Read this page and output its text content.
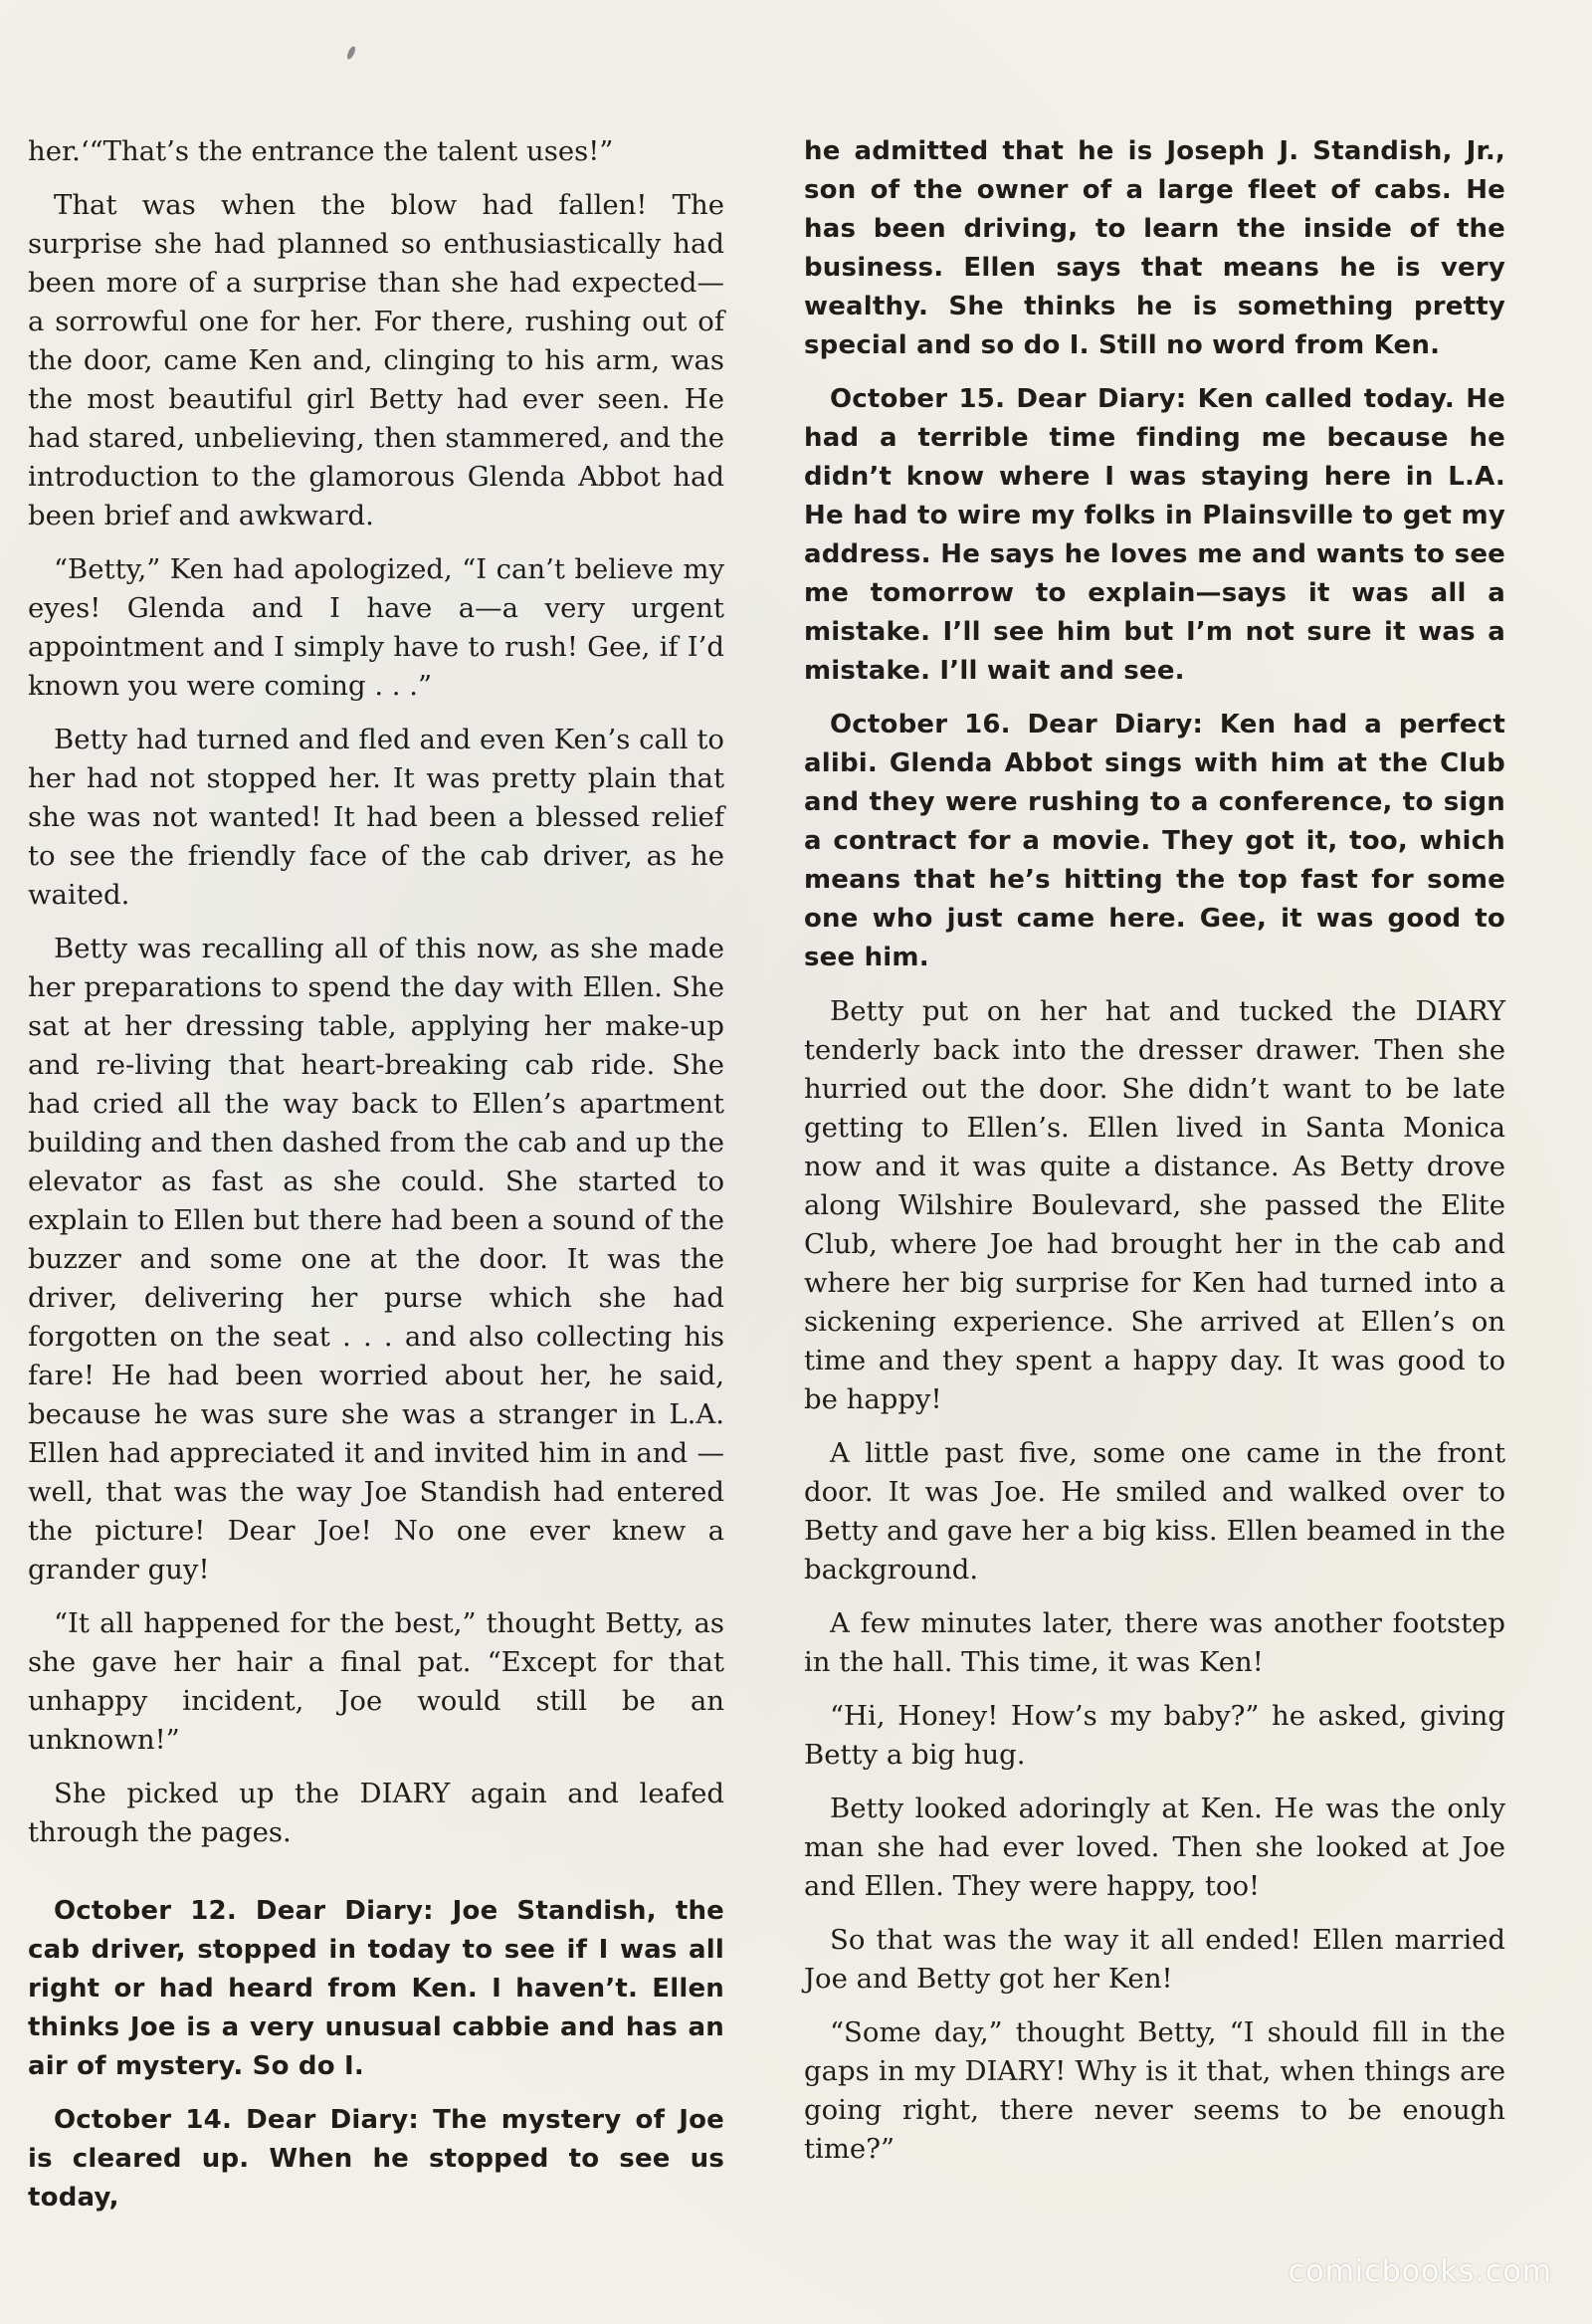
her.‘“That’s the entrance the talent uses!”

That was when the blow had fallen! The surprise she had planned so enthusiastically had been more of a surprise than she had expected—a sorrowful one for her. For there, rushing out of the door, came Ken and, clinging to his arm, was the most beautiful girl Betty had ever seen. He had stared, unbelieving, then stammered, and the introduction to the glamorous Glenda Abbot had been brief and awkward.

“Betty,” Ken had apologized, “I can’t believe my eyes! Glenda and I have a—a very urgent appointment and I simply have to rush! Gee, if I’d known you were coming . . .”

Betty had turned and fled and even Ken’s call to her had not stopped her. It was pretty plain that she was not wanted! It had been a blessed relief to see the friendly face of the cab driver, as he waited.

Betty was recalling all of this now, as she made her preparations to spend the day with Ellen. She sat at her dressing table, applying her make-up and re-living that heart-breaking cab ride. She had cried all the way back to Ellen’s apartment building and then dashed from the cab and up the elevator as fast as she could. She started to explain to Ellen but there had been a sound of the buzzer and some one at the door. It was the driver, delivering her purse which she had forgotten on the seat . . . and also collecting his fare! He had been worried about her, he said, because he was sure she was a stranger in L.A. Ellen had appreciated it and invited him in and —well, that was the way Joe Standish had entered the picture! Dear Joe! No one ever knew a grander guy!

“It all happened for the best,” thought Betty, as she gave her hair a final pat. “Except for that unhappy incident, Joe would still be an unknown!”

She picked up the DIARY again and leafed through the pages.

October 12. Dear Diary: Joe Standish, the cab driver, stopped in today to see if I was all right or had heard from Ken. I haven’t. Ellen thinks Joe is a very unusual cabbie and has an air of mystery. So do I.

October 14. Dear Diary: The mystery of Joe is cleared up. When he stopped to see us today,

he admitted that he is Joseph J. Standish, Jr., son of the owner of a large fleet of cabs. He has been driving, to learn the inside of the business. Ellen says that means he is very wealthy. She thinks he is something pretty special and so do I. Still no word from Ken.

October 15. Dear Diary: Ken called today. He had a terrible time finding me because he didn’t know where I was staying here in L.A. He had to wire my folks in Plainsville to get my address. He says he loves me and wants to see me tomorrow to explain—says it was all a mistake. I’ll see him but I’m not sure it was a mistake. I’ll wait and see.

October 16. Dear Diary: Ken had a perfect alibi. Glenda Abbot sings with him at the Club and they were rushing to a conference, to sign a contract for a movie. They got it, too, which means that he’s hitting the top fast for some one who just came here. Gee, it was good to see him.

Betty put on her hat and tucked the DIARY tenderly back into the dresser drawer. Then she hurried out the door. She didn’t want to be late getting to Ellen’s. Ellen lived in Santa Monica now and it was quite a distance. As Betty drove along Wilshire Boulevard, she passed the Elite Club, where Joe had brought her in the cab and where her big surprise for Ken had turned into a sickening experience. She arrived at Ellen’s on time and they spent a happy day. It was good to be happy!

A little past five, some one came in the front door. It was Joe. He smiled and walked over to Betty and gave her a big kiss. Ellen beamed in the background.

A few minutes later, there was another footstep in the hall. This time, it was Ken!

“Hi, Honey! How’s my baby?” he asked, giving Betty a big hug.

Betty looked adoringly at Ken. He was the only man she had ever loved. Then she looked at Joe and Ellen. They were happy, too!

So that was the way it all ended! Ellen married Joe and Betty got her Ken!

“Some day,” thought Betty, “I should fill in the gaps in my DIARY! Why is it that, when things are going right, there never seems to be enough time?”

comicbooks.com
